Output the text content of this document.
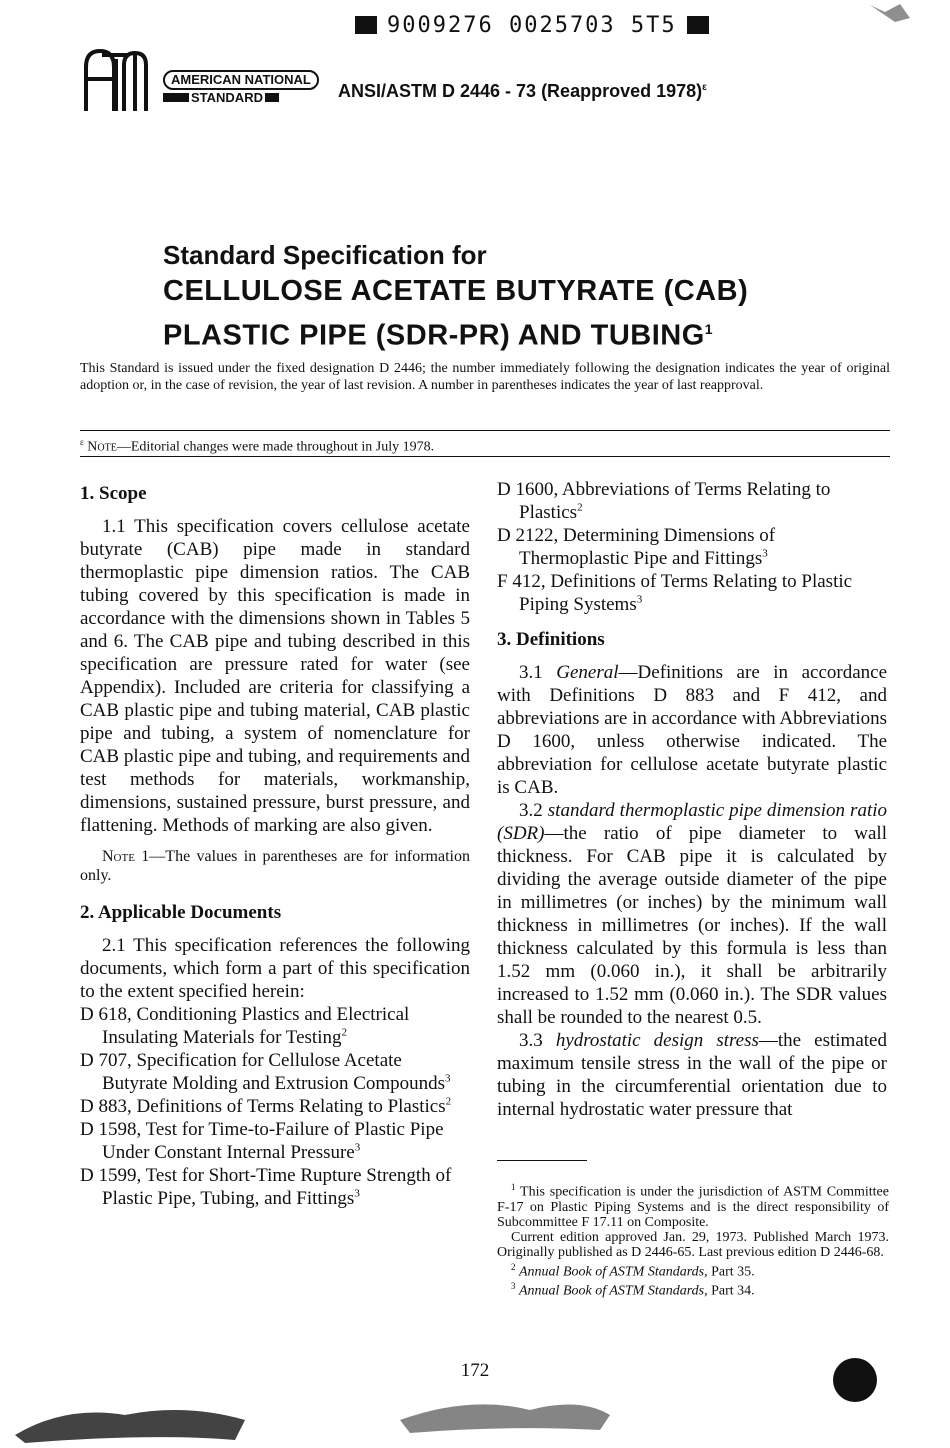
9009276 0025703 5T5
AMERICAN NATIONAL
STANDARD	ANSI/ASTM D 2446 - 73 (Reapproved 1978)$^\varepsilon$
Standard Specification for
CELLULOSE ACETATE BUTYRATE (CAB)
PLASTIC PIPE (SDR-PR) AND TUBING$^1$
This Standard is issued under the fixed designation D 2446; the number immediately following the designation indicates the year of original adoption or, in the case of revision, the year of last revision. A number in parentheses indicates the year of last reapproval.
$^\varepsilon$ Note—Editorial changes were made throughout in July 1978.

1. Scope

1.1 This specification covers cellulose acetate butyrate (CAB) pipe made in standard thermoplastic pipe dimension ratios. The CAB tubing covered by this specification is made in accordance with the dimensions shown in Tables 5 and 6. The CAB pipe and tubing described in this specification are pressure rated for water (see Appendix). Included are criteria for classifying a CAB plastic pipe and tubing material, CAB plastic pipe and tubing, a system of nomenclature for CAB plastic pipe and tubing, and requirements and test methods for materials, workmanship, dimensions, sustained pressure, burst pressure, and flattening. Methods of marking are also given.

Note 1—The values in parentheses are for information only.

2. Applicable Documents

2.1 This specification references the following documents, which form a part of this specification to the extent specified herein:

D 618, Conditioning Plastics and Electrical Insulating Materials for Testing$^2$

D 707, Specification for Cellulose Acetate Butyrate Molding and Extrusion Compounds$^3$

D 883, Definitions of Terms Relating to Plastics$^2$

D 1598, Test for Time-to-Failure of Plastic Pipe Under Constant Internal Pressure$^3$

D 1599, Test for Short-Time Rupture Strength of Plastic Pipe, Tubing, and Fittings$^3$

D 1600, Abbreviations of Terms Relating to Plastics$^2$

D 2122, Determining Dimensions of Thermoplastic Pipe and Fittings$^3$

F 412, Definitions of Terms Relating to Plastic Piping Systems$^3$

3. Definitions

3.1 General—Definitions are in accordance with Definitions D 883 and F 412, and abbreviations are in accordance with Abbreviations D 1600, unless otherwise indicated. The abbreviation for cellulose acetate butyrate plastic is CAB.

3.2 standard thermoplastic pipe dimension ratio (SDR)—the ratio of pipe diameter to wall thickness. For CAB pipe it is calculated by dividing the average outside diameter of the pipe in millimetres (or inches) by the minimum wall thickness in millimetres (or inches). If the wall thickness calculated by this formula is less than 1.52 mm (0.060 in.), it shall be arbitrarily increased to 1.52 mm (0.060 in.). The SDR values shall be rounded to the nearest 0.5.

3.3 hydrostatic design stress—the estimated maximum tensile stress in the wall of the pipe or tubing in the circumferential orientation due to internal hydrostatic water pressure that

$^1$ This specification is under the jurisdiction of ASTM Committee F-17 on Plastic Piping Systems and is the direct responsibility of Subcommittee F 17.11 on Composite.

Current edition approved Jan. 29, 1973. Published March 1973. Originally published as D 2446-65. Last previous edition D 2446-68.

$^2$ Annual Book of ASTM Standards, Part 35.

$^3$ Annual Book of ASTM Standards, Part 34.

172
